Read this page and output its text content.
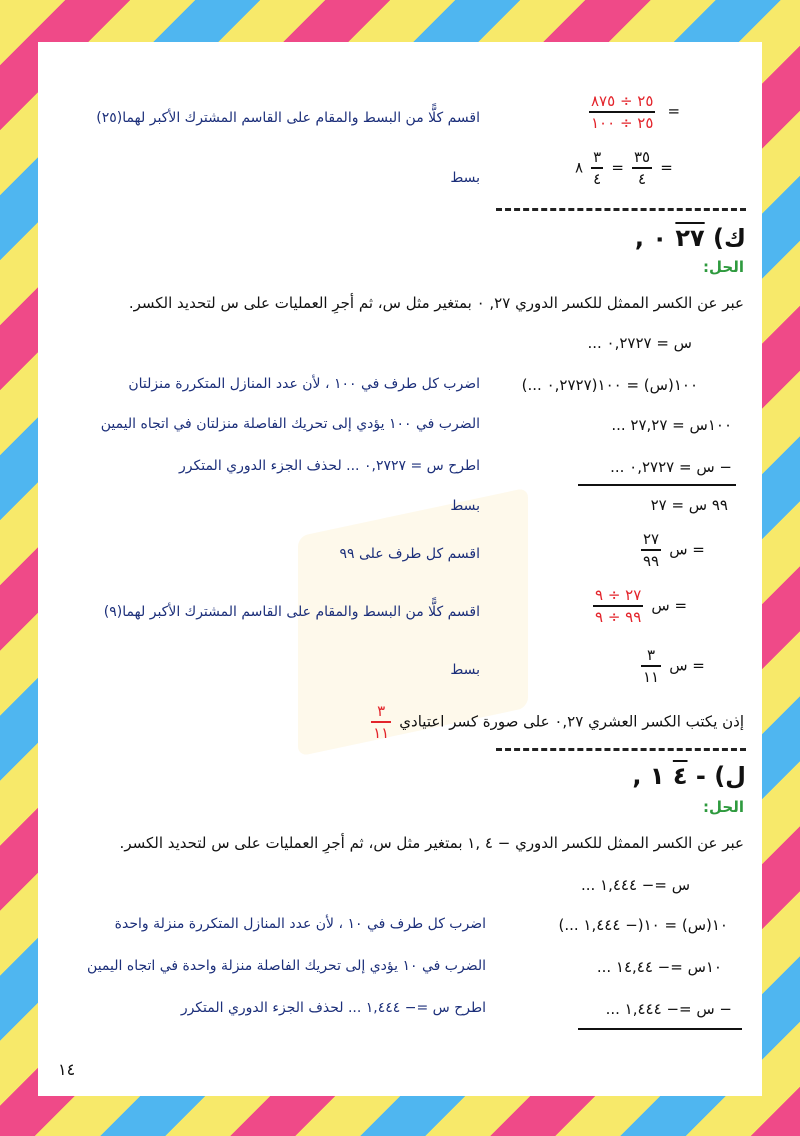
$\frac{٢٥ \div ٨٧٥}{٢٥ \div ١٠٠}$ =
اقسم كلًّا من البسط والمقام على القاسم المشترك الأكبر لهما(٢٥)
٨ $\frac{٣}{٤} = \frac{٣٥}{٤}$ =
بسط
ك) ٢٧ ٠ ,
الحل:
عبر عن الكسر الممثل للكسر الدوري ٢٧, ٠ بمتغير مثل س، ثم أجرِ العمليات على س لتحديد الكسر.
س = ٠,٢٧٢٧ ...
١٠٠(س) = ١٠٠(٠,٢٧٢٧ ...)
اضرب كل طرف في ١٠٠ ، لأن عدد المنازل المتكررة منزلتان
١٠٠س = ٢٧,٢٧ ...
الضرب في ١٠٠ يؤدي إلى تحريك الفاصلة منزلتان في اتجاه اليمين
− س = ٠,٢٧٢٧ ...
اطرح س = ٠,٢٧٢٧ ... لحذف الجزء الدوري المتكرر
٩٩ س = ٢٧
بسط
$\frac{٢٧}{٩٩}$ س =
اقسم كل طرف على ٩٩
$\frac{٢٧ \div ٩}{٩٩ \div ٩}$ س =
اقسم كلًّا من البسط والمقام على القاسم المشترك الأكبر لهما(٩)
$\frac{٣}{١١}$ س =
بسط
إذن يكتب الكسر العشري ٠,٢٧ على صورة كسر اعتيادي
$\frac{٣}{١١}$
ل) - ٤ ١ ,
الحل:
عبر عن الكسر الممثل للكسر الدوري − ٤ ,١ بمتغير مثل س، ثم أجرِ العمليات على س لتحديد الكسر.
س =− ١,٤٤٤ ...
١٠(س) = ١٠(− ١,٤٤٤ ...)
اضرب كل طرف في ١٠ ، لأن عدد المنازل المتكررة منزلة واحدة
١٠س =− ١٤,٤٤ ...
الضرب في ١٠ يؤدي إلى تحريك الفاصلة منزلة واحدة في اتجاه اليمين
− س =− ١,٤٤٤ ...
اطرح س =− ١,٤٤٤ ... لحذف الجزء الدوري المتكرر
١٤
